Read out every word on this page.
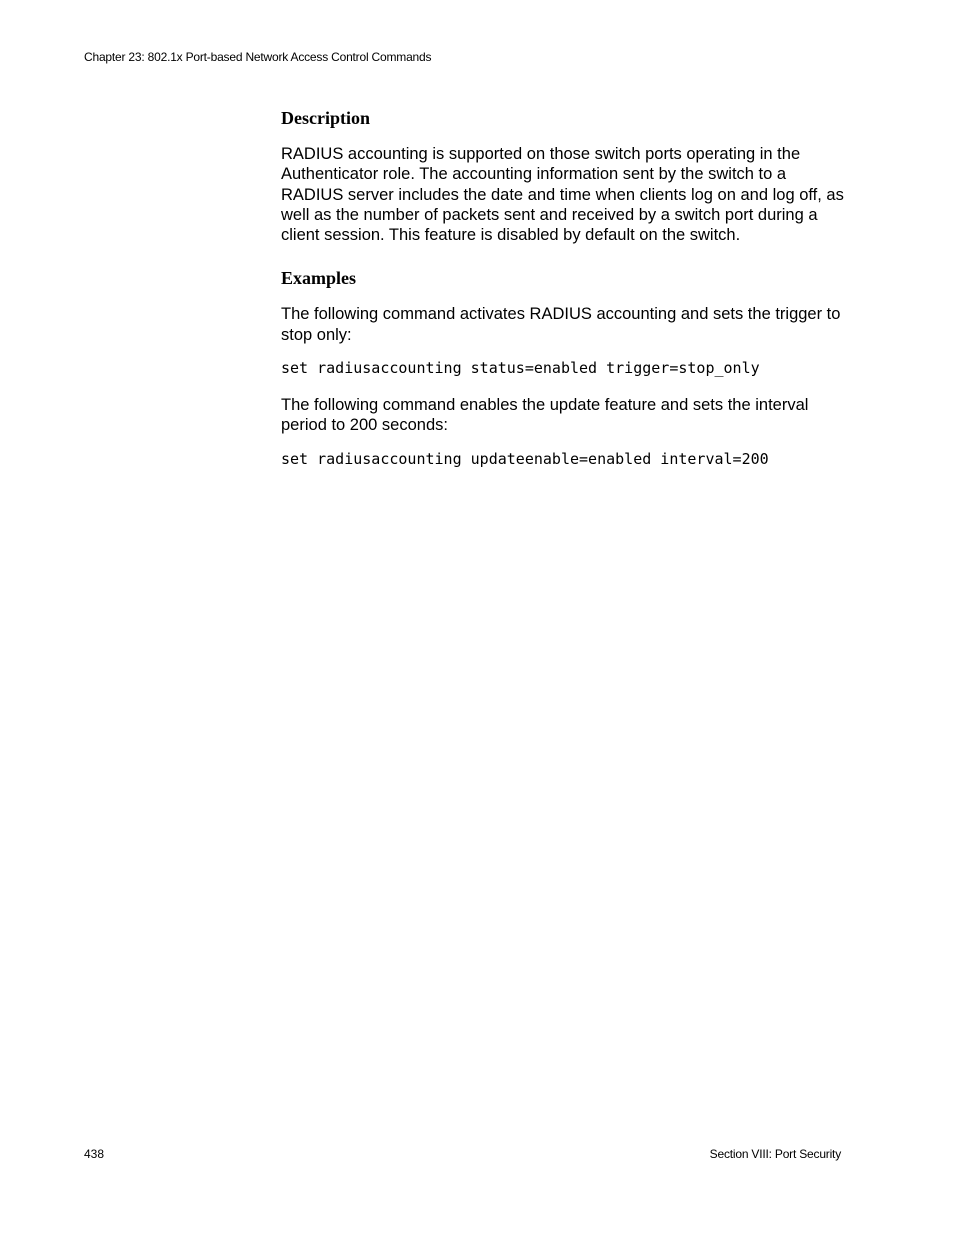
Chapter 23: 802.1x Port-based Network Access Control Commands
Description

RADIUS accounting is supported on those switch ports operating in the Authenticator role. The accounting information sent by the switch to a RADIUS server includes the date and time when clients log on and log off, as well as the number of packets sent and received by a switch port during a client session. This feature is disabled by default on the switch.

Examples

The following command activates RADIUS accounting and sets the trigger to stop only:

set radiusaccounting status=enabled trigger=stop_only

The following command enables the update feature and sets the interval period to 200 seconds:

set radiusaccounting updateenable=enabled interval=200
438	Section VIII: Port Security
